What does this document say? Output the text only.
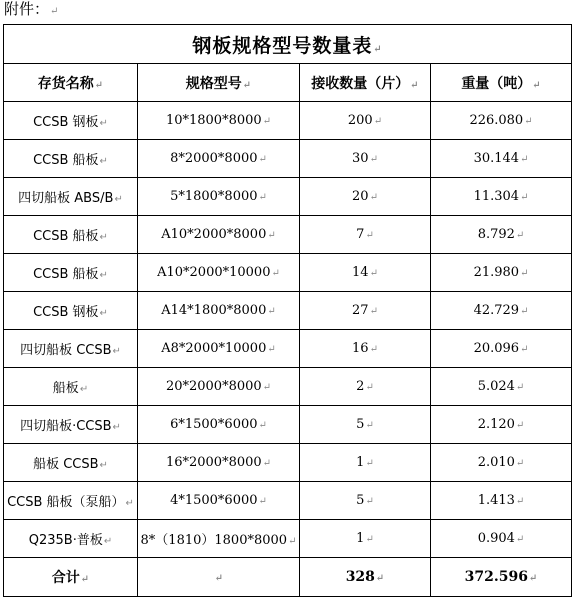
附件：↵
钢板规格型号数量表↵			
存货名称↵	规格型号↵	接收数量（片）↵	重量（吨）↵
CCSB 钢板↵	10*1800*8000↵	200↵	226.080↵
CCSB 船板↵	8*2000*8000↵	30↵	30.144↵
四切船板 ABS/B↵	5*1800*8000↵	20↵	11.304↵
CCSB 船板↵	A10*2000*8000↵	7↵	8.792↵
CCSB 船板↵	A10*2000*10000↵	14↵	21.980↵
CCSB 钢板↵	A14*1800*8000↵	27↵	42.729↵
四切船板 CCSB↵	A8*2000*10000↵	16↵	20.096↵
船板↵	20*2000*8000↵	2↵	5.024↵
四切船板·CCSB↵	6*1500*6000↵	5↵	2.120↵
船板 CCSB↵	16*2000*8000↵	1↵	2.010↵
CCSB 船板（泵船）↵	4*1500*6000↵	5↵	1.413↵
Q235B·普板↵	8*（1810）1800*8000↵	1↵	0.904↵
合计↵	↵	328↵	372.596↵
